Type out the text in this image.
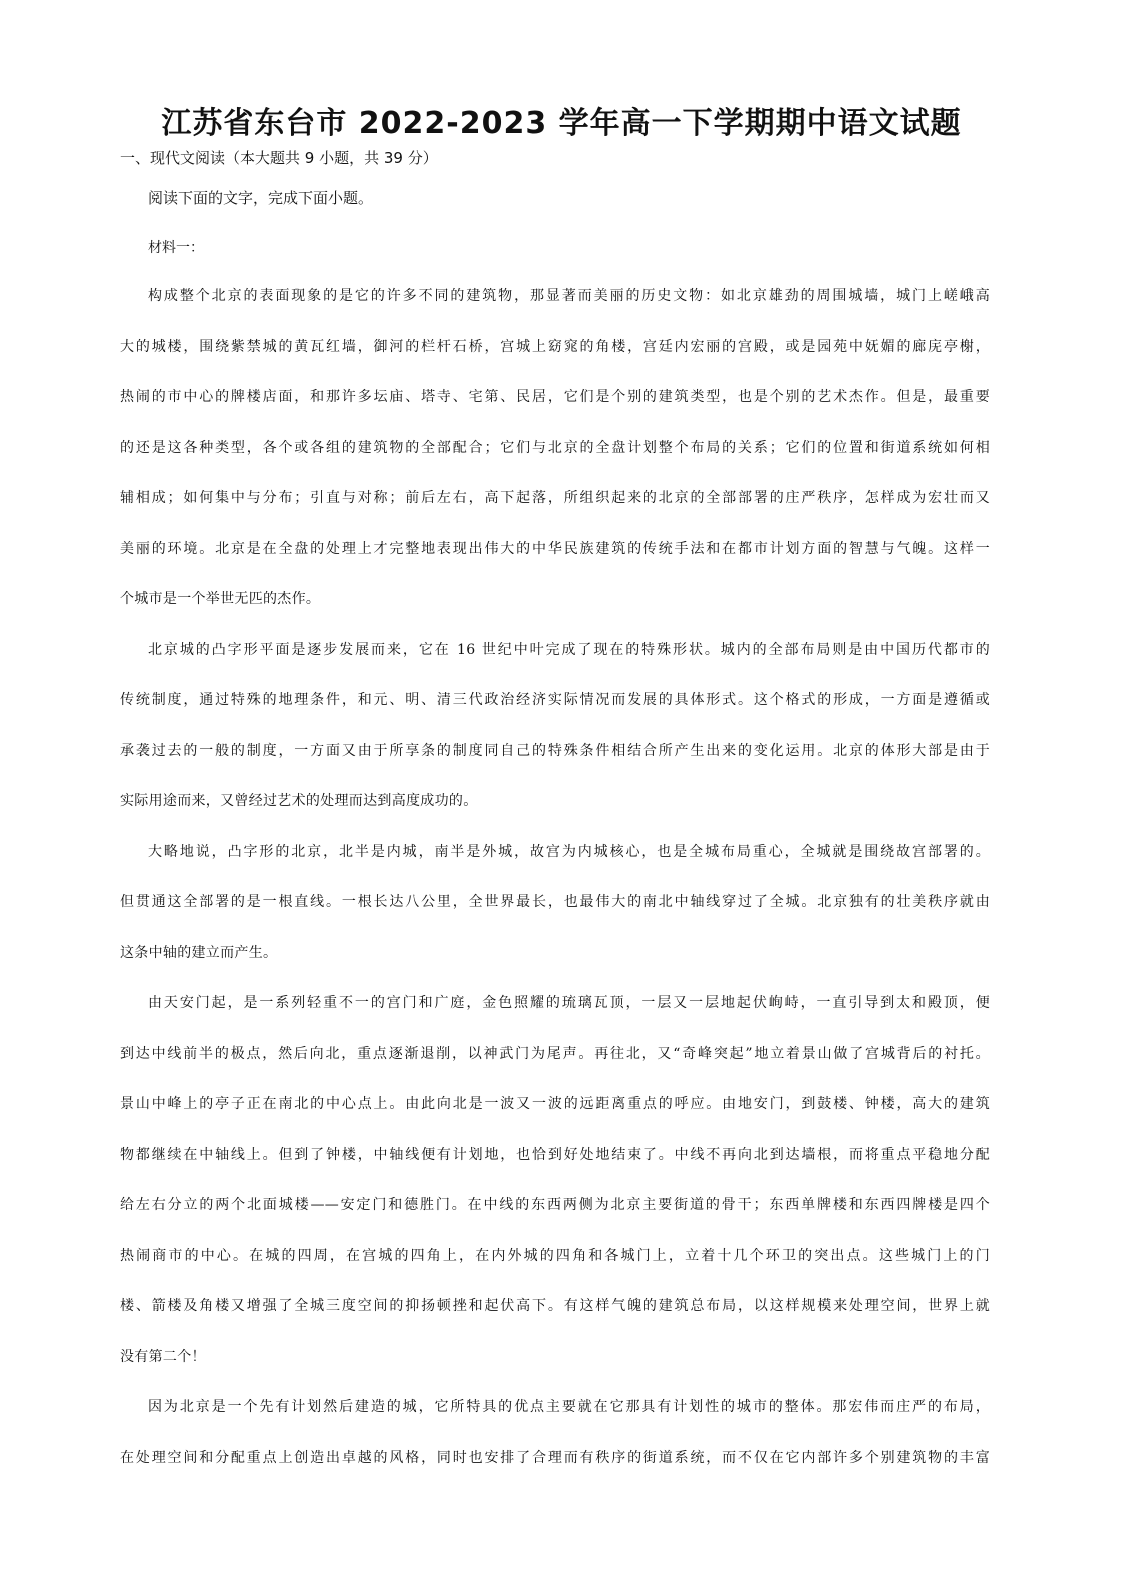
江苏省东台市 2022-2023 学年高一下学期期中语文试题
一、现代文阅读（本大题共 9 小题，共 39 分）
阅读下面的文字，完成下面小题。
材料一：
构成整个北京的表面现象的是它的许多不同的建筑物，那显著而美丽的历史文物：如北京雄劲的周围城墙，城门上嵯峨高
大的城楼，围绕紫禁城的黄瓦红墙，御河的栏杆石桥，宫城上窈窕的角楼，宫廷内宏丽的宫殿，或是园苑中妩媚的廊庑亭榭，
热闹的市中心的牌楼店面，和那许多坛庙、塔寺、宅第、民居，它们是个别的建筑类型，也是个别的艺术杰作。但是，最重要
的还是这各种类型，各个或各组的建筑物的全部配合；它们与北京的全盘计划整个布局的关系；它们的位置和街道系统如何相
辅相成；如何集中与分布；引直与对称；前后左右，高下起落，所组织起来的北京的全部部署的庄严秩序，怎样成为宏壮而又
美丽的环境。北京是在全盘的处理上才完整地表现出伟大的中华民族建筑的传统手法和在都市计划方面的智慧与气魄。这样一
个城市是一个举世无匹的杰作。
北京城的凸字形平面是逐步发展而来，它在 16 世纪中叶完成了现在的特殊形状。城内的全部布局则是由中国历代都市的
传统制度，通过特殊的地理条件，和元、明、清三代政治经济实际情况而发展的具体形式。这个格式的形成，一方面是遵循或
承袭过去的一般的制度，一方面又由于所享条的制度同自己的特殊条件相结合所产生出来的变化运用。北京的体形大部是由于
实际用途而来，又曾经过艺术的处理而达到高度成功的。
大略地说，凸字形的北京，北半是内城，南半是外城，故宫为内城核心，也是全城布局重心，全城就是围绕故宫部署的。
但贯通这全部署的是一根直线。一根长达八公里，全世界最长，也最伟大的南北中轴线穿过了全城。北京独有的壮美秩序就由
这条中轴的建立而产生。
由天安门起，是一系列轻重不一的宫门和广庭，金色照耀的琉璃瓦顶，一层又一层地起伏峋峙，一直引导到太和殿顶，便
到达中线前半的极点，然后向北，重点逐渐退削，以神武门为尾声。再往北，又“奇峰突起”地立着景山做了宫城背后的衬托。
景山中峰上的亭子正在南北的中心点上。由此向北是一波又一波的远距离重点的呼应。由地安门，到鼓楼、钟楼，高大的建筑
物都继续在中轴线上。但到了钟楼，中轴线便有计划地，也恰到好处地结束了。中线不再向北到达墙根，而将重点平稳地分配
给左右分立的两个北面城楼——安定门和德胜门。在中线的东西两侧为北京主要街道的骨干；东西单牌楼和东西四牌楼是四个
热闹商市的中心。在城的四周，在宫城的四角上，在内外城的四角和各城门上，立着十几个环卫的突出点。这些城门上的门
楼、箭楼及角楼又增强了全城三度空间的抑扬顿挫和起伏高下。有这样气魄的建筑总布局，以这样规模来处理空间，世界上就
没有第二个！
因为北京是一个先有计划然后建造的城，它所特具的优点主要就在它那具有计划性的城市的整体。那宏伟而庄严的布局，
在处理空间和分配重点上创造出卓越的风格，同时也安排了合理而有秩序的街道系统，而不仅在它内部许多个别建筑物的丰富
